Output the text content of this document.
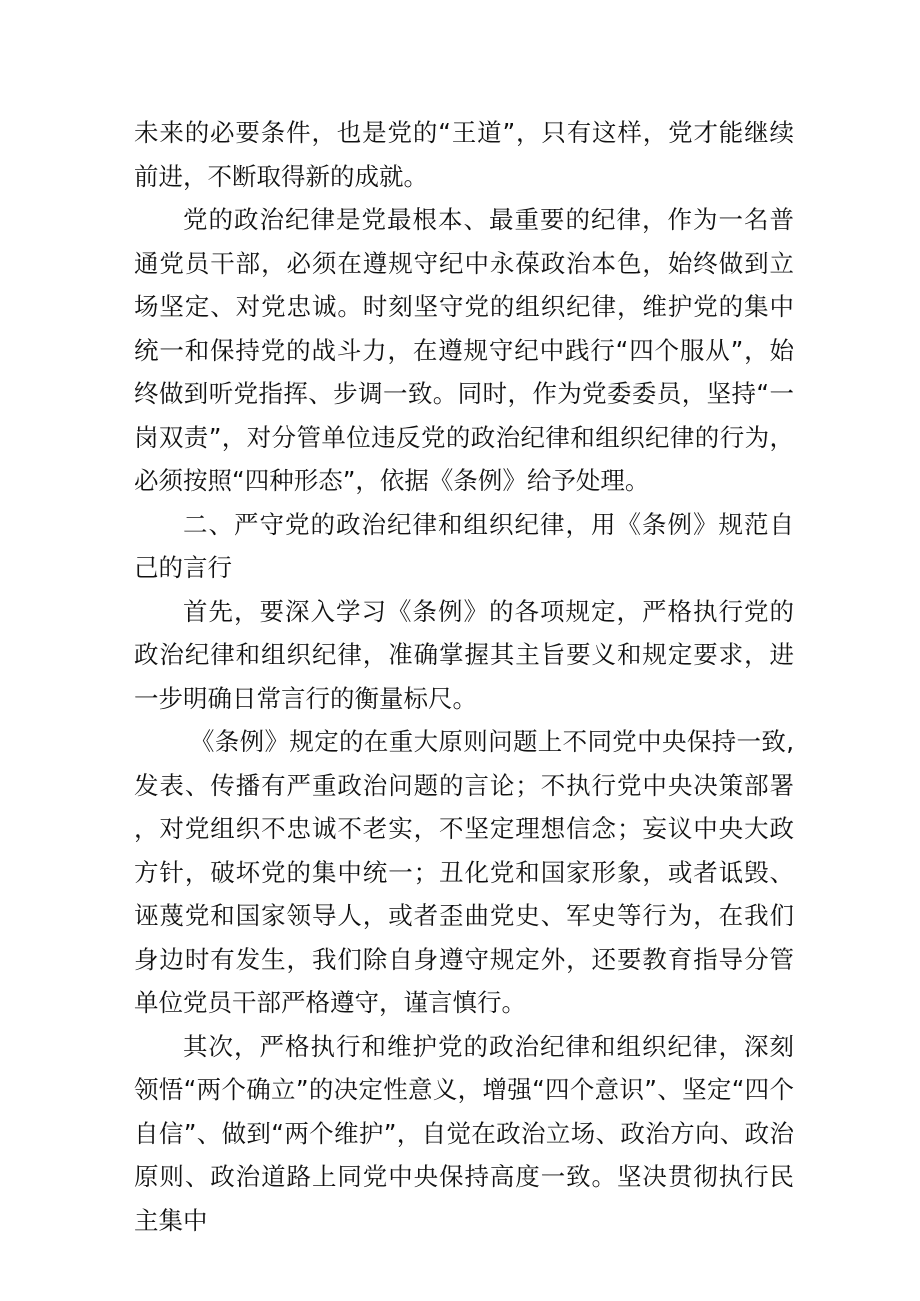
未来的必要条件，也是党的“王道”，只有这样，党才能继续前进，不断取得新的成就。

党的政治纪律是党最根本、最重要的纪律，作为一名普通党员干部，必须在遵规守纪中永葆政治本色，始终做到立场坚定、对党忠诚。时刻坚守党的组织纪律，维护党的集中统一和保持党的战斗力，在遵规守纪中践行“四个服从”，始终做到听党指挥、步调一致。同时，作为党委委员，坚持“一岗双责”，对分管单位违反党的政治纪律和组织纪律的行为，必须按照“四种形态”，依据《条例》给予处理。

二、严守党的政治纪律和组织纪律，用《条例》规范自己的言行

首先，要深入学习《条例》的各项规定，严格执行党的政治纪律和组织纪律，准确掌握其主旨要义和规定要求，进一步明确日常言行的衡量标尺。

《条例》规定的在重大原则问题上不同党中央保持一致,发表、传播有严重政治问题的言论；不执行党中央决策部署，对党组织不忠诚不老实，不坚定理想信念；妄议中央大政方针，破坏党的集中统一；丑化党和国家形象，或者诋毁、诬蔑党和国家领导人，或者歪曲党史、军史等行为，在我们身边时有发生，我们除自身遵守规定外，还要教育指导分管单位党员干部严格遵守，谨言慎行。

其次，严格执行和维护党的政治纪律和组织纪律，深刻领悟“两个确立”的决定性意义，增强“四个意识”、坚定“四个自信”、做到“两个维护”，自觉在政治立场、政治方向、政治原则、政治道路上同党中央保持高度一致。坚决贯彻执行民主集中
